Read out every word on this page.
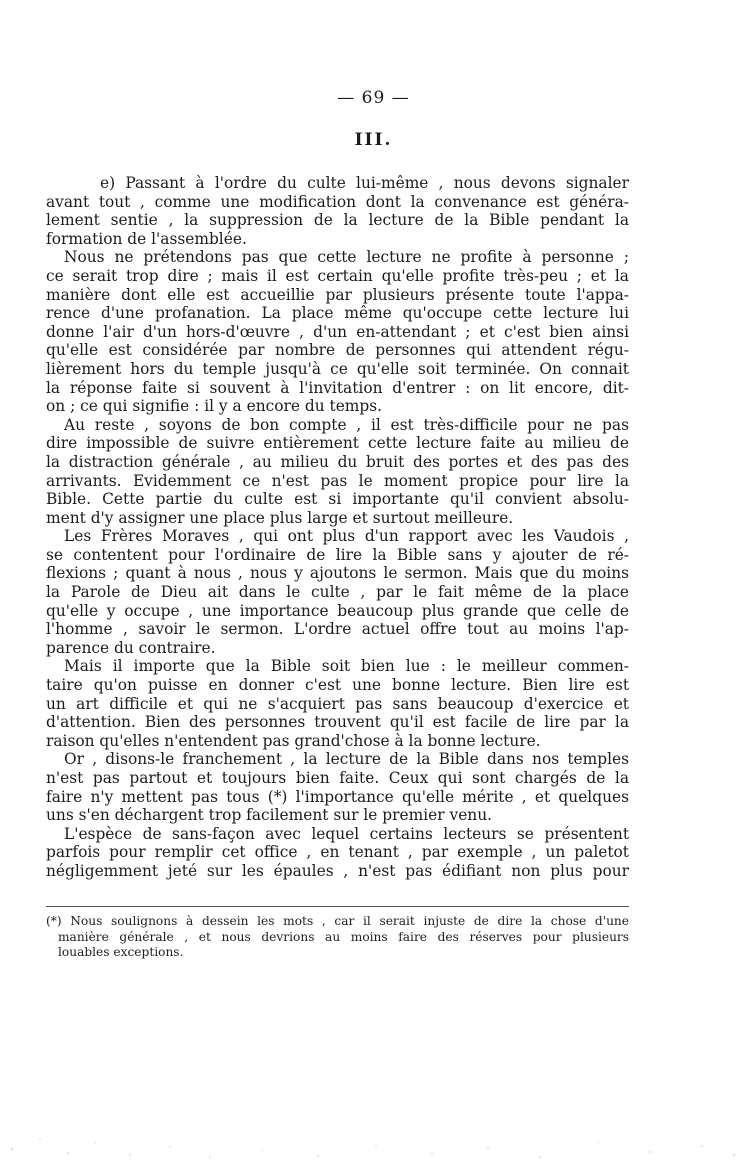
— 69 —
III.
e) Passant à l'ordre du culte lui-même , nous devons signaler
avant tout , comme une modification dont la convenance est généra-
lement sentie , la suppression de la lecture de la Bible pendant la
formation de l'assemblée.
Nous ne prétendons pas que cette lecture ne profite à personne ;
ce serait trop dire ; mais il est certain qu'elle profite très-peu ; et la
manière dont elle est accueillie par plusieurs présente toute l'appa-
rence d'une profanation. La place même qu'occupe cette lecture lui
donne l'air d'un hors-d'œuvre , d'un en-attendant ; et c'est bien ainsi
qu'elle est considérée par nombre de personnes qui attendent régu-
lièrement hors du temple jusqu'à ce qu'elle soit terminée. On connait
la réponse faite si souvent à l'invitation d'entrer : on lit encore, dit-
on ; ce qui signifie : il y a encore du temps.
Au reste , soyons de bon compte , il est très-difficile pour ne pas
dire impossible de suivre entièrement cette lecture faite au milieu de
la distraction générale , au milieu du bruit des portes et des pas des
arrivants. Evidemment ce n'est pas le moment propice pour lire la
Bible. Cette partie du culte est si importante qu'il convient absolu-
ment d'y assigner une place plus large et surtout meilleure.
Les Frères Moraves , qui ont plus d'un rapport avec les Vaudois ,
se contentent pour l'ordinaire de lire la Bible sans y ajouter de ré-
flexions ; quant à nous , nous y ajoutons le sermon. Mais que du moins
la Parole de Dieu ait dans le culte , par le fait même de la place
qu'elle y occupe , une importance beaucoup plus grande que celle de
l'homme , savoir le sermon. L'ordre actuel offre tout au moins l'ap-
parence du contraire.
Mais il importe que la Bible soit bien lue : le meilleur commen-
taire qu'on puisse en donner c'est une bonne lecture. Bien lire est
un art difficile et qui ne s'acquiert pas sans beaucoup d'exercice et
d'attention. Bien des personnes trouvent qu'il est facile de lire par la
raison qu'elles n'entendent pas grand'chose à la bonne lecture.
Or , disons-le franchement , la lecture de la Bible dans nos temples
n'est pas partout et toujours bien faite. Ceux qui sont chargés de la
faire n'y mettent pas tous (*) l'importance qu'elle mérite , et quelques
uns s'en déchargent trop facilement sur le premier venu.
L'espèce de sans-façon avec lequel certains lecteurs se présentent
parfois pour remplir cet office , en tenant , par exemple , un paletot
négligemment jeté sur les épaules , n'est pas édifiant non plus pour
(*) Nous soulignons à dessein les mots , car il serait injuste de dire la chose d'une
manière générale , et nous devrions au moins faire des réserves pour plusieurs
louables exceptions.
